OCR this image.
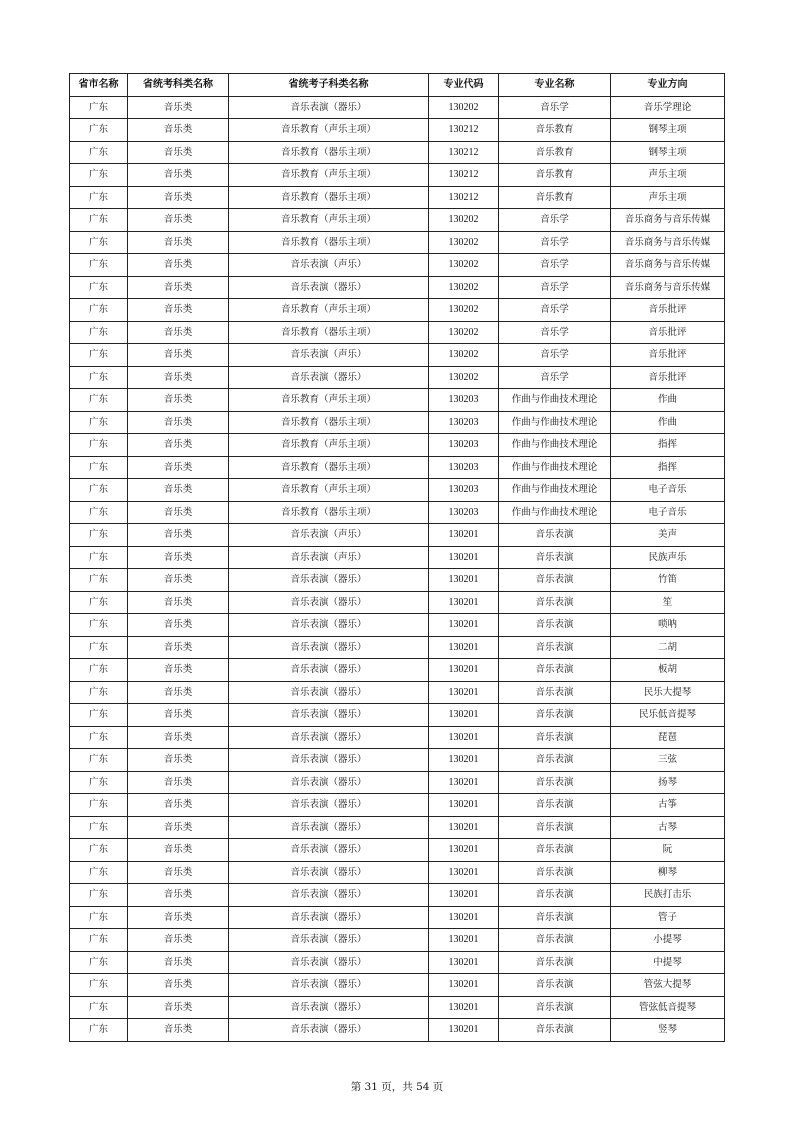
省市名称	省统考科类名称	省统考子科类名称	专业代码	专业名称	专业方向
广东	音乐类	音乐表演（器乐）	130202	音乐学	音乐学理论
广东	音乐类	音乐教育（声乐主项）	130212	音乐教育	钢琴主项
广东	音乐类	音乐教育（器乐主项）	130212	音乐教育	钢琴主项
广东	音乐类	音乐教育（声乐主项）	130212	音乐教育	声乐主项
广东	音乐类	音乐教育（器乐主项）	130212	音乐教育	声乐主项
广东	音乐类	音乐教育（声乐主项）	130202	音乐学	音乐商务与音乐传媒
广东	音乐类	音乐教育（器乐主项）	130202	音乐学	音乐商务与音乐传媒
广东	音乐类	音乐表演（声乐）	130202	音乐学	音乐商务与音乐传媒
广东	音乐类	音乐表演（器乐）	130202	音乐学	音乐商务与音乐传媒
广东	音乐类	音乐教育（声乐主项）	130202	音乐学	音乐批评
广东	音乐类	音乐教育（器乐主项）	130202	音乐学	音乐批评
广东	音乐类	音乐表演（声乐）	130202	音乐学	音乐批评
广东	音乐类	音乐表演（器乐）	130202	音乐学	音乐批评
广东	音乐类	音乐教育（声乐主项）	130203	作曲与作曲技术理论	作曲
广东	音乐类	音乐教育（器乐主项）	130203	作曲与作曲技术理论	作曲
广东	音乐类	音乐教育（声乐主项）	130203	作曲与作曲技术理论	指挥
广东	音乐类	音乐教育（器乐主项）	130203	作曲与作曲技术理论	指挥
广东	音乐类	音乐教育（声乐主项）	130203	作曲与作曲技术理论	电子音乐
广东	音乐类	音乐教育（器乐主项）	130203	作曲与作曲技术理论	电子音乐
广东	音乐类	音乐表演（声乐）	130201	音乐表演	美声
广东	音乐类	音乐表演（声乐）	130201	音乐表演	民族声乐
广东	音乐类	音乐表演（器乐）	130201	音乐表演	竹笛
广东	音乐类	音乐表演（器乐）	130201	音乐表演	笙
广东	音乐类	音乐表演（器乐）	130201	音乐表演	唢呐
广东	音乐类	音乐表演（器乐）	130201	音乐表演	二胡
广东	音乐类	音乐表演（器乐）	130201	音乐表演	板胡
广东	音乐类	音乐表演（器乐）	130201	音乐表演	民乐大提琴
广东	音乐类	音乐表演（器乐）	130201	音乐表演	民乐低音提琴
广东	音乐类	音乐表演（器乐）	130201	音乐表演	琵琶
广东	音乐类	音乐表演（器乐）	130201	音乐表演	三弦
广东	音乐类	音乐表演（器乐）	130201	音乐表演	扬琴
广东	音乐类	音乐表演（器乐）	130201	音乐表演	古筝
广东	音乐类	音乐表演（器乐）	130201	音乐表演	古琴
广东	音乐类	音乐表演（器乐）	130201	音乐表演	阮
广东	音乐类	音乐表演（器乐）	130201	音乐表演	柳琴
广东	音乐类	音乐表演（器乐）	130201	音乐表演	民族打击乐
广东	音乐类	音乐表演（器乐）	130201	音乐表演	管子
广东	音乐类	音乐表演（器乐）	130201	音乐表演	小提琴
广东	音乐类	音乐表演（器乐）	130201	音乐表演	中提琴
广东	音乐类	音乐表演（器乐）	130201	音乐表演	管弦大提琴
广东	音乐类	音乐表演（器乐）	130201	音乐表演	管弦低音提琴
广东	音乐类	音乐表演（器乐）	130201	音乐表演	竖琴
第 31 页，共 54 页
